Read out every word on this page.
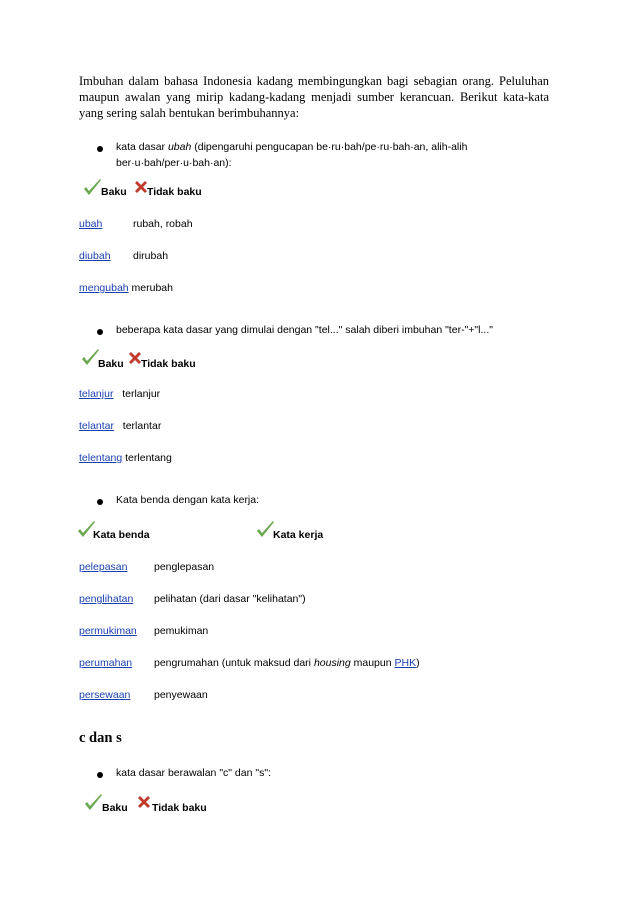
Imbuhan dalam bahasa Indonesia kadang membingungkan bagi sebagian orang. Peluluhan
maupun awalan yang mirip kadang-kadang menjadi sumber kerancuan. Berikut kata-kata
yang sering salah bentukan berimbuhannya:
kata dasar ubah (dipengaruhi pengucapan be·ru·bah/pe·ru·bah·an, alih-alih
ber·u·bah/per·u·bah·an):
Baku Tidak baku
ubah	rubah, robah
diubah dirubah
mengubah merubah
beberapa kata dasar yang dimulai dengan "tel..." salah diberi imbuhan "ter-"+"l..."
Baku Tidak baku
telanjur terlanjur
telantar terlantar
telentang terlentang
Kata benda dengan kata kerja:
Kata benda	Kata kerja
pelepasan	penglepasan
penglihatan pelihatan (dari dasar "kelihatan")
permukiman pemukiman
perumahan pengrumahan (untuk maksud dari housing maupun PHK)
persewaan penyewaan
c dan s
kata dasar berawalan "c" dan "s":
Baku Tidak baku
